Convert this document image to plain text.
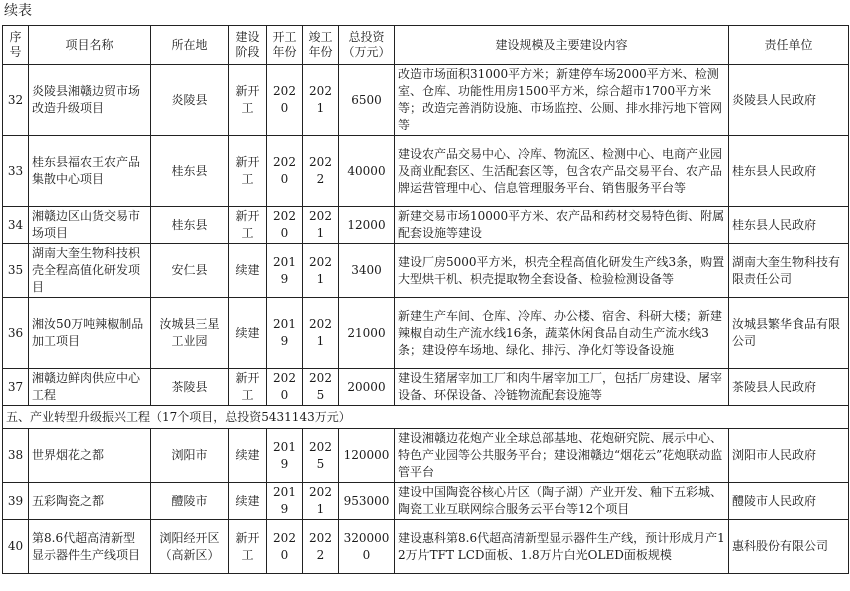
续表
序号	项目名称	所在地	建设阶段	开工年份	竣工年份	总投资（万元）	建设规模及主要建设内容	责任单位
32	炎陵县湘赣边贸市场改造升级项目	炎陵县	新开工	2020	2021	6500	改造市场面积31000平方米；新建停车场2000平方米、检测室、仓库、功能性用房1500平方米，综合超市1700平方米等；改造完善消防设施、市场监控、公厕、排水排污地下管网等	炎陵县人民政府
33	桂东县福农王农产品集散中心项目	桂东县	新开工	2020	2022	40000	建设农产品交易中心、冷库、物流区、检测中心、电商产业园及商业配套区、生活配套区等，包含农产品交易平台、农产品牌运营管理中心、信息管理服务平台、销售服务平台等	桂东县人民政府
34	湘赣边区山货交易市场项目	桂东县	新开工	2020	2021	12000	新建交易市场10000平方米、农产品和药材交易特色街、附属配套设施等建设	桂东县人民政府
35	湖南大奎生物科技枳壳全程高值化研发项目	安仁县	续建	2019	2021	3400	建设厂房5000平方米，枳壳全程高值化研发生产线3条，购置大型烘干机、枳壳提取物全套设备、检验检测设备等	湖南大奎生物科技有限责任公司
36	湘汝50万吨辣椒制品加工项目	汝城县三星工业园	续建	2019	2021	21000	新建生产车间、仓库、冷库、办公楼、宿舍、科研大楼；新建辣椒自动生产流水线16条，蔬菜休闲食品自动生产流水线3条；建设停车场地、绿化、排污、净化灯等设备设施	汝城县繁华食品有限公司
37	湘赣边鲜肉供应中心工程	茶陵县	新开工	2020	2025	20000	建设生猪屠宰加工厂和肉牛屠宰加工厂，包括厂房建设、屠宰设备、环保设备、冷链物流配套设施等	茶陵县人民政府
五、产业转型升级振兴工程（17个项目，总投资5431143万元）								
38	世界烟花之都	浏阳市	续建	2019	2025	120000	建设湘赣边花炮产业全球总部基地、花炮研究院、展示中心、特色产业园等公共服务平台；建设湘赣边“烟花云”花炮联动监管平台	浏阳市人民政府
39	五彩陶瓷之都	醴陵市	续建	2019	2021	953000	建设中国陶瓷谷核心片区（陶子湖）产业开发、釉下五彩城、陶瓷工业互联网综合服务云平台等12个项目	醴陵市人民政府
40	第8.6代超高清新型显示器件生产线项目	浏阳经开区（高新区）	新开工	2020	2022	3200000	建设惠科第8.6代超高清新型显示器件生产线，预计形成月产12万片TFT LCD面板、1.8万片白光OLED面板规模	惠科股份有限公司
